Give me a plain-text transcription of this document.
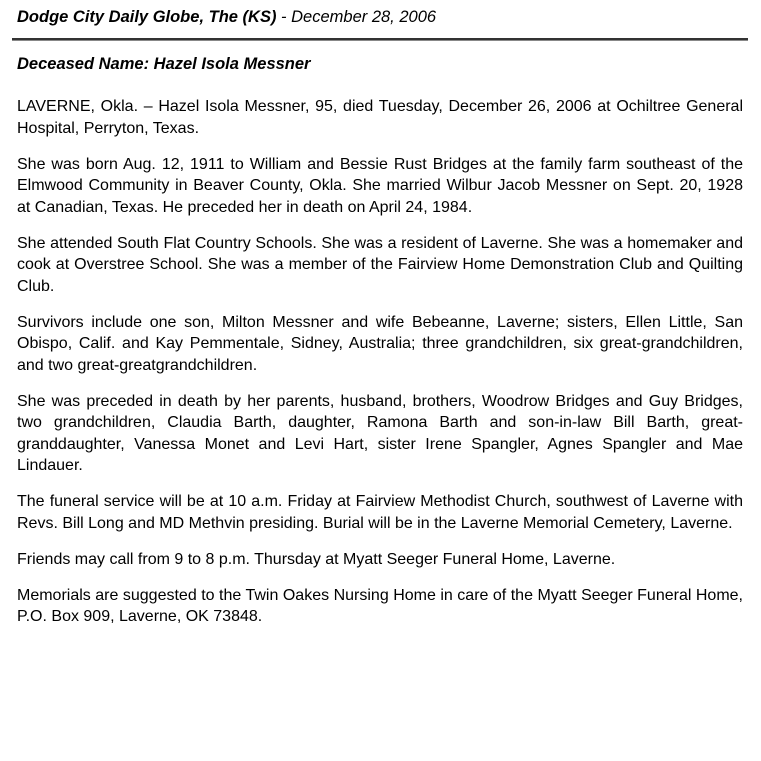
Dodge City Daily Globe, The (KS) - December 28, 2006
Deceased Name: Hazel Isola Messner

LAVERNE, Okla. – Hazel Isola Messner, 95, died Tuesday, December 26, 2006 at Ochiltree General Hospital, Perryton, Texas.

She was born Aug. 12, 1911 to William and Bessie Rust Bridges at the family farm southeast of the Elmwood Community in Beaver County, Okla. She married Wilbur Jacob Messner on Sept. 20, 1928 at Canadian, Texas. He preceded her in death on April 24, 1984.

She attended South Flat Country Schools. She was a resident of Laverne. She was a homemaker and cook at Overstree School. She was a member of the Fairview Home Demonstration Club and Quilting Club.

Survivors include one son, Milton Messner and wife Bebeanne, Laverne; sisters, Ellen Little, San Obispo, Calif. and Kay Pemmentale, Sidney, Australia; three grandchildren, six great-grandchildren, and two great-greatgrandchildren.

She was preceded in death by her parents, husband, brothers, Woodrow Bridges and Guy Bridges, two grandchildren, Claudia Barth, daughter, Ramona Barth and son-in-law Bill Barth, great-granddaughter, Vanessa Monet and Levi Hart, sister Irene Spangler, Agnes Spangler and Mae Lindauer.

The funeral service will be at 10 a.m. Friday at Fairview Methodist Church, southwest of Laverne with Revs. Bill Long and MD Methvin presiding. Burial will be in the Laverne Memorial Cemetery, Laverne.

Friends may call from 9 to 8 p.m. Thursday at Myatt Seeger Funeral Home, Laverne.

Memorials are suggested to the Twin Oakes Nursing Home in care of the Myatt Seeger Funeral Home, P.O. Box 909, Laverne, OK 73848.
